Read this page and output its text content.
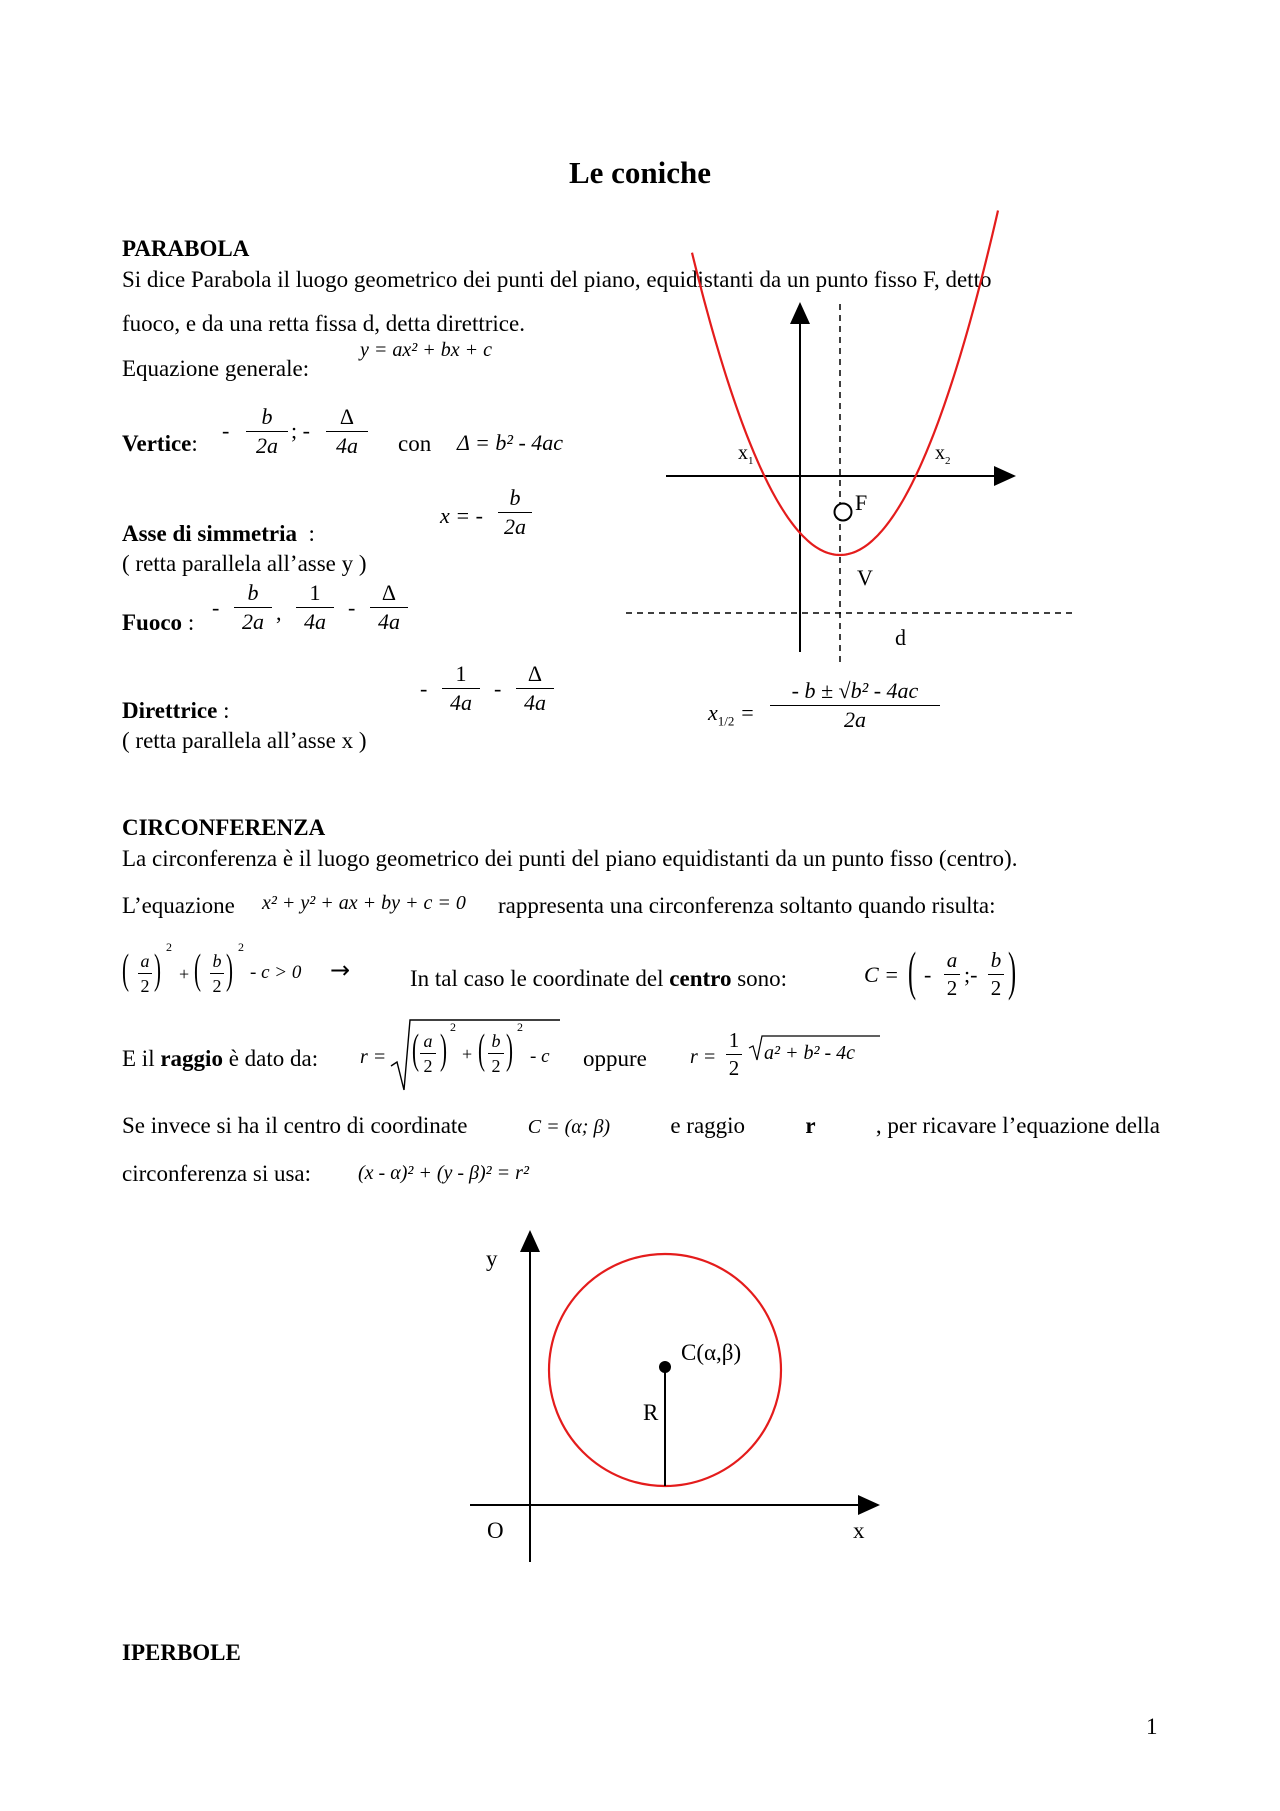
Le coniche
PARABOLA
Si dice Parabola il luogo geometrico dei punti del piano, equidistanti da un punto fisso F, detto
fuoco, e da una retta fissa d, detta direttrice.
Equazione generale:
y = ax² + bx + c
Vertice:
-
b
2a
; -
Δ
4a	con Δ = b² - 4ac
x = -
b
2a
Asse di simmetria  :
( retta parallela all’asse y )
Fuoco :
-
b
2a ,
1
4a
-
Δ
4a
-
1
4a
-
Δ
4a
Direttrice :
( retta parallela all’asse x )
$x_1$	$x_2$
F
V
d
$x_{1/2}$ =
- b ± √b² - 4ac
2a
CIRCONFERENZA
La circonferenza è il luogo geometrico dei punti del piano equidistanti da un punto fisso (centro).
L’equazione x² + y² + ax + by + c = 0 rappresenta una circonferenza soltanto quando risulta:
( a
2 ) 2
+ ( b
2 ) 2
- c > 0 →	In tal caso le coordinate del centro sono:	C = ( -
a
2
;-
b
2 )
E il raggio è dato da: r = ( a
2 ) 2
+ ( b
2 ) 2
- c oppure r =
1
2
a² + b² - 4c
Se invece si ha il centro di coordinate	C = (α; β)	e raggio	r	, per ricavare l’equazione della
circonferenza si usa: (x - α)² + (y - β)² = r²
y
x
O
C(α,β)
R
IPERBOLE
1
